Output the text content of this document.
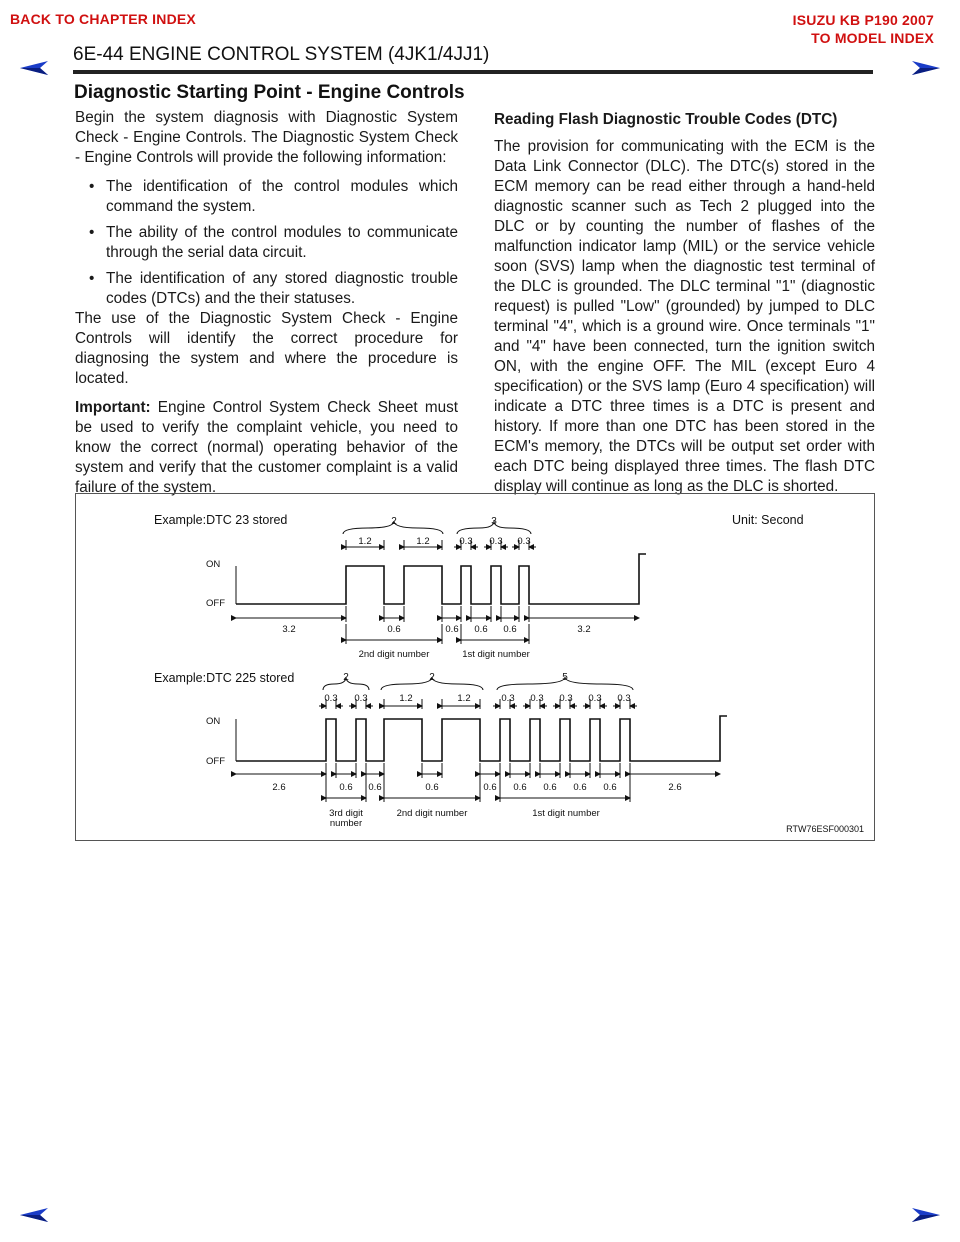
BACK TO CHAPTER INDEX	ISUZU KB P190 2007
TO MODEL INDEX
6E-44 ENGINE CONTROL SYSTEM (4JK1/4JJ1)
Diagnostic Starting Point - Engine Controls

Begin the system diagnosis with Diagnostic System Check - Engine Controls. The Diagnostic System Check - Engine Controls will provide the following information:

• The identification of the control modules which command the system.
• The ability of the control modules to communicate through the serial data circuit.
• The identification of any stored diagnostic trouble codes (DTCs) and the their statuses.

The use of the Diagnostic System Check - Engine Controls will identify the correct procedure for diagnosing the system and where the procedure is located.

Important: Engine Control System Check Sheet must be used to verify the complaint vehicle, you need to know the correct (normal) operating behavior of the system and verify that the customer complaint is a valid failure of the system.

Reading Flash Diagnostic Trouble Codes (DTC)

The provision for communicating with the ECM is the Data Link Connector (DLC). The DTC(s) stored in the ECM memory can be read either through a hand-held diagnostic scanner such as Tech 2 plugged into the DLC or by counting the number of flashes of the malfunction indicator lamp (MIL) or the service vehicle soon (SVS) lamp when the diagnostic test terminal of the DLC is grounded. The DLC terminal "1" (diagnostic request) is pulled "Low" (grounded) by jumped to DLC terminal "4", which is a ground wire. Once terminals "1" and "4" have been connected, turn the ignition switch ON, with the engine OFF. The MIL (except Euro 4 specification) or the SVS lamp (Euro 4 specification) will indicate a DTC three times is a DTC is present and history. If more than one DTC has been stored in the ECM's memory, the DTCs will be output set order with each DTC being displayed three times. The flash DTC display will continue as long as the DLC is shorted.

Example:DTC 23 stored	Unit: Second
2	3
1.2	1.2	0.3 0.3 0.3
ON
OFF
3.2	0.6	0.6 0.6 0.6	3.2
2nd digit number	1st digit number
Example:DTC 225 stored	2	2	5
0.3 0.3	1.2	1.2	0.3 0.3 0.3 0.3 0.3
ON
OFF
2.6	0.6 0.6	0.6	0.6 0.6 0.6 0.6 0.6	2.6
3rd digit
number
2nd digit number	1st digit number
RTW76ESF000301
